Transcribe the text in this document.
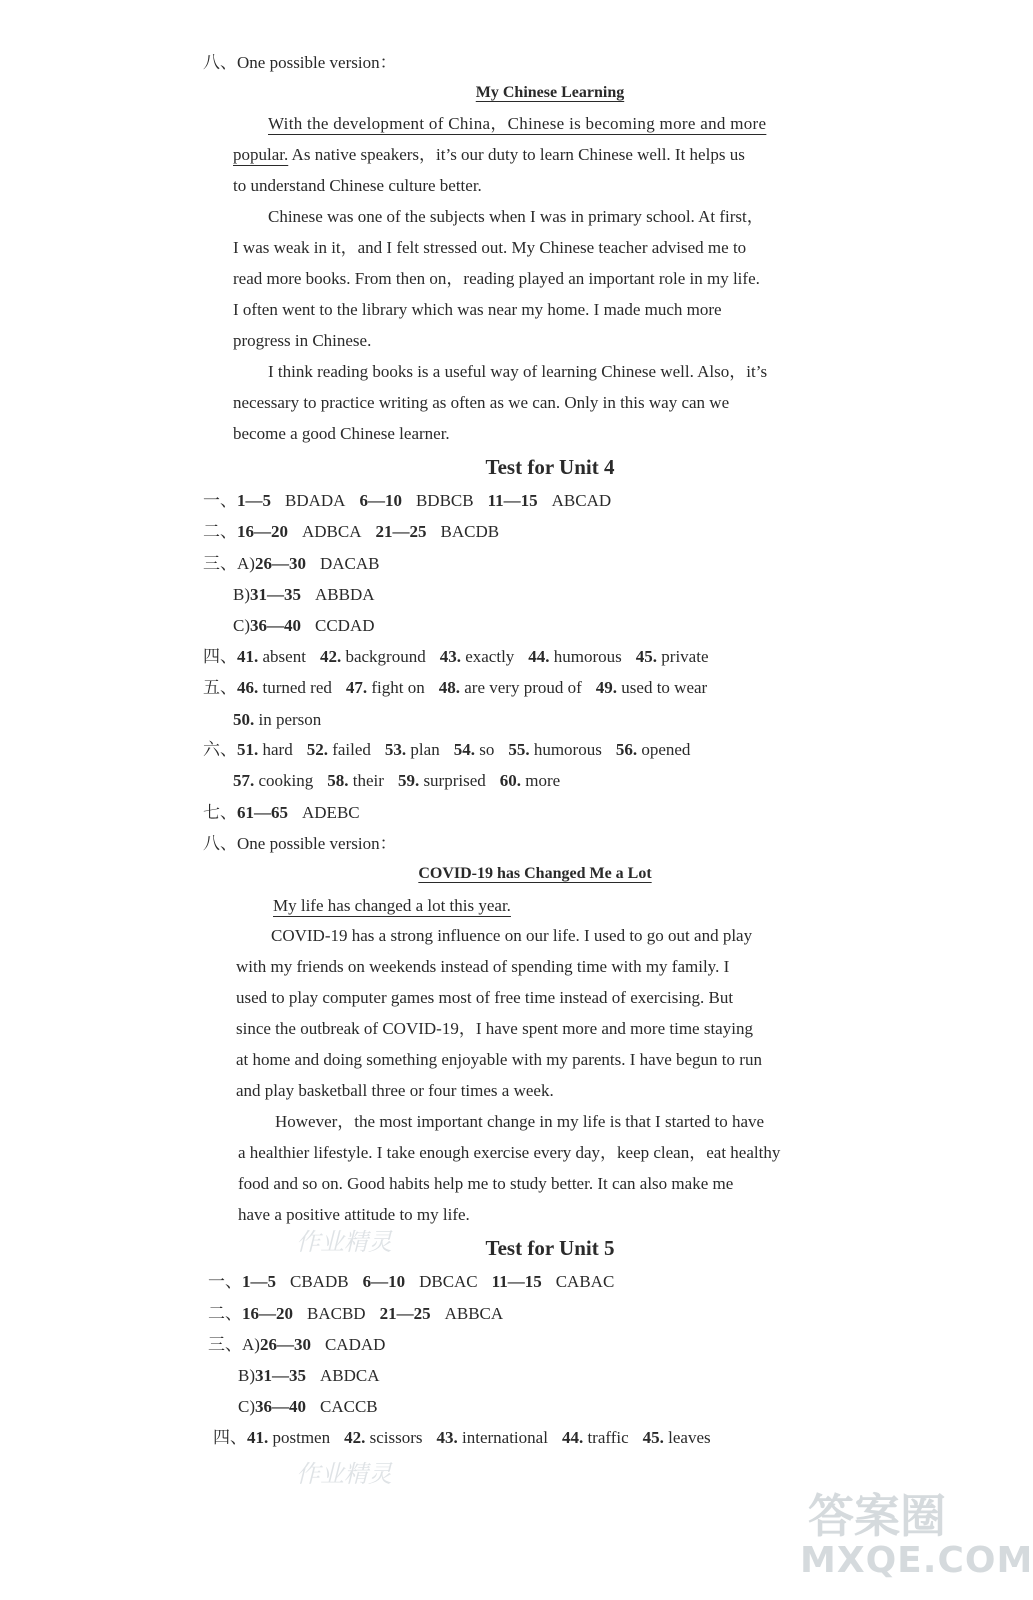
八、One possible version：
My Chinese Learning
With the development of China，Chinese is becoming more and more
popular. As native speakers，it’s our duty to learn Chinese well. It helps us
to understand Chinese culture better.
Chinese was one of the subjects when I was in primary school. At first，
I was weak in it，and I felt stressed out. My Chinese teacher advised me to
read more books. From then on，reading played an important role in my life.
I often went to the library which was near my home. I made much more
progress in Chinese.
I think reading books is a useful way of learning Chinese well. Also，it’s
necessary to practice writing as often as we can. Only in this way can we
become a good Chinese learner.
Test for Unit 4
一、1—5 BDADA 6—10 BDBCB 11—15 ABCAD
二、16—20 ADBCA 21—25 BACDB
三、A)26—30 DACAB
B)31—35 ABBDA
C)36—40 CCDAD
四、41. absent 42. background 43. exactly 44. humorous 45. private
五、46. turned red 47. fight on 48. are very proud of 49. used to wear
50. in person
六、51. hard 52. failed 53. plan 54. so 55. humorous 56. opened
57. cooking 58. their 59. surprised 60. more
七、61—65 ADEBC
八、One possible version：
COVID-19 has Changed Me a Lot
My life has changed a lot this year.
COVID-19 has a strong influence on our life. I used to go out and play
with my friends on weekends instead of spending time with my family. I
used to play computer games most of free time instead of exercising. But
since the outbreak of COVID-19，I have spent more and more time staying
at home and doing something enjoyable with my parents. I have begun to run
and play basketball three or four times a week.
However，the most important change in my life is that I started to have
a healthier lifestyle. I take enough exercise every day，keep clean，eat healthy
food and so on. Good habits help me to study better. It can also make me
have a positive attitude to my life.
Test for Unit 5
一、1—5 CBADB 6—10 DBCAC 11—15 CABAC
二、16—20 BACBD 21—25 ABBCA
三、A)26—30 CADAD
B)31—35 ABDCA
C)36—40 CACCB
四、41. postmen 42. scissors 43. international 44. traffic 45. leaves
作业精灵
作业精灵
答案圈
MXQE.COM
